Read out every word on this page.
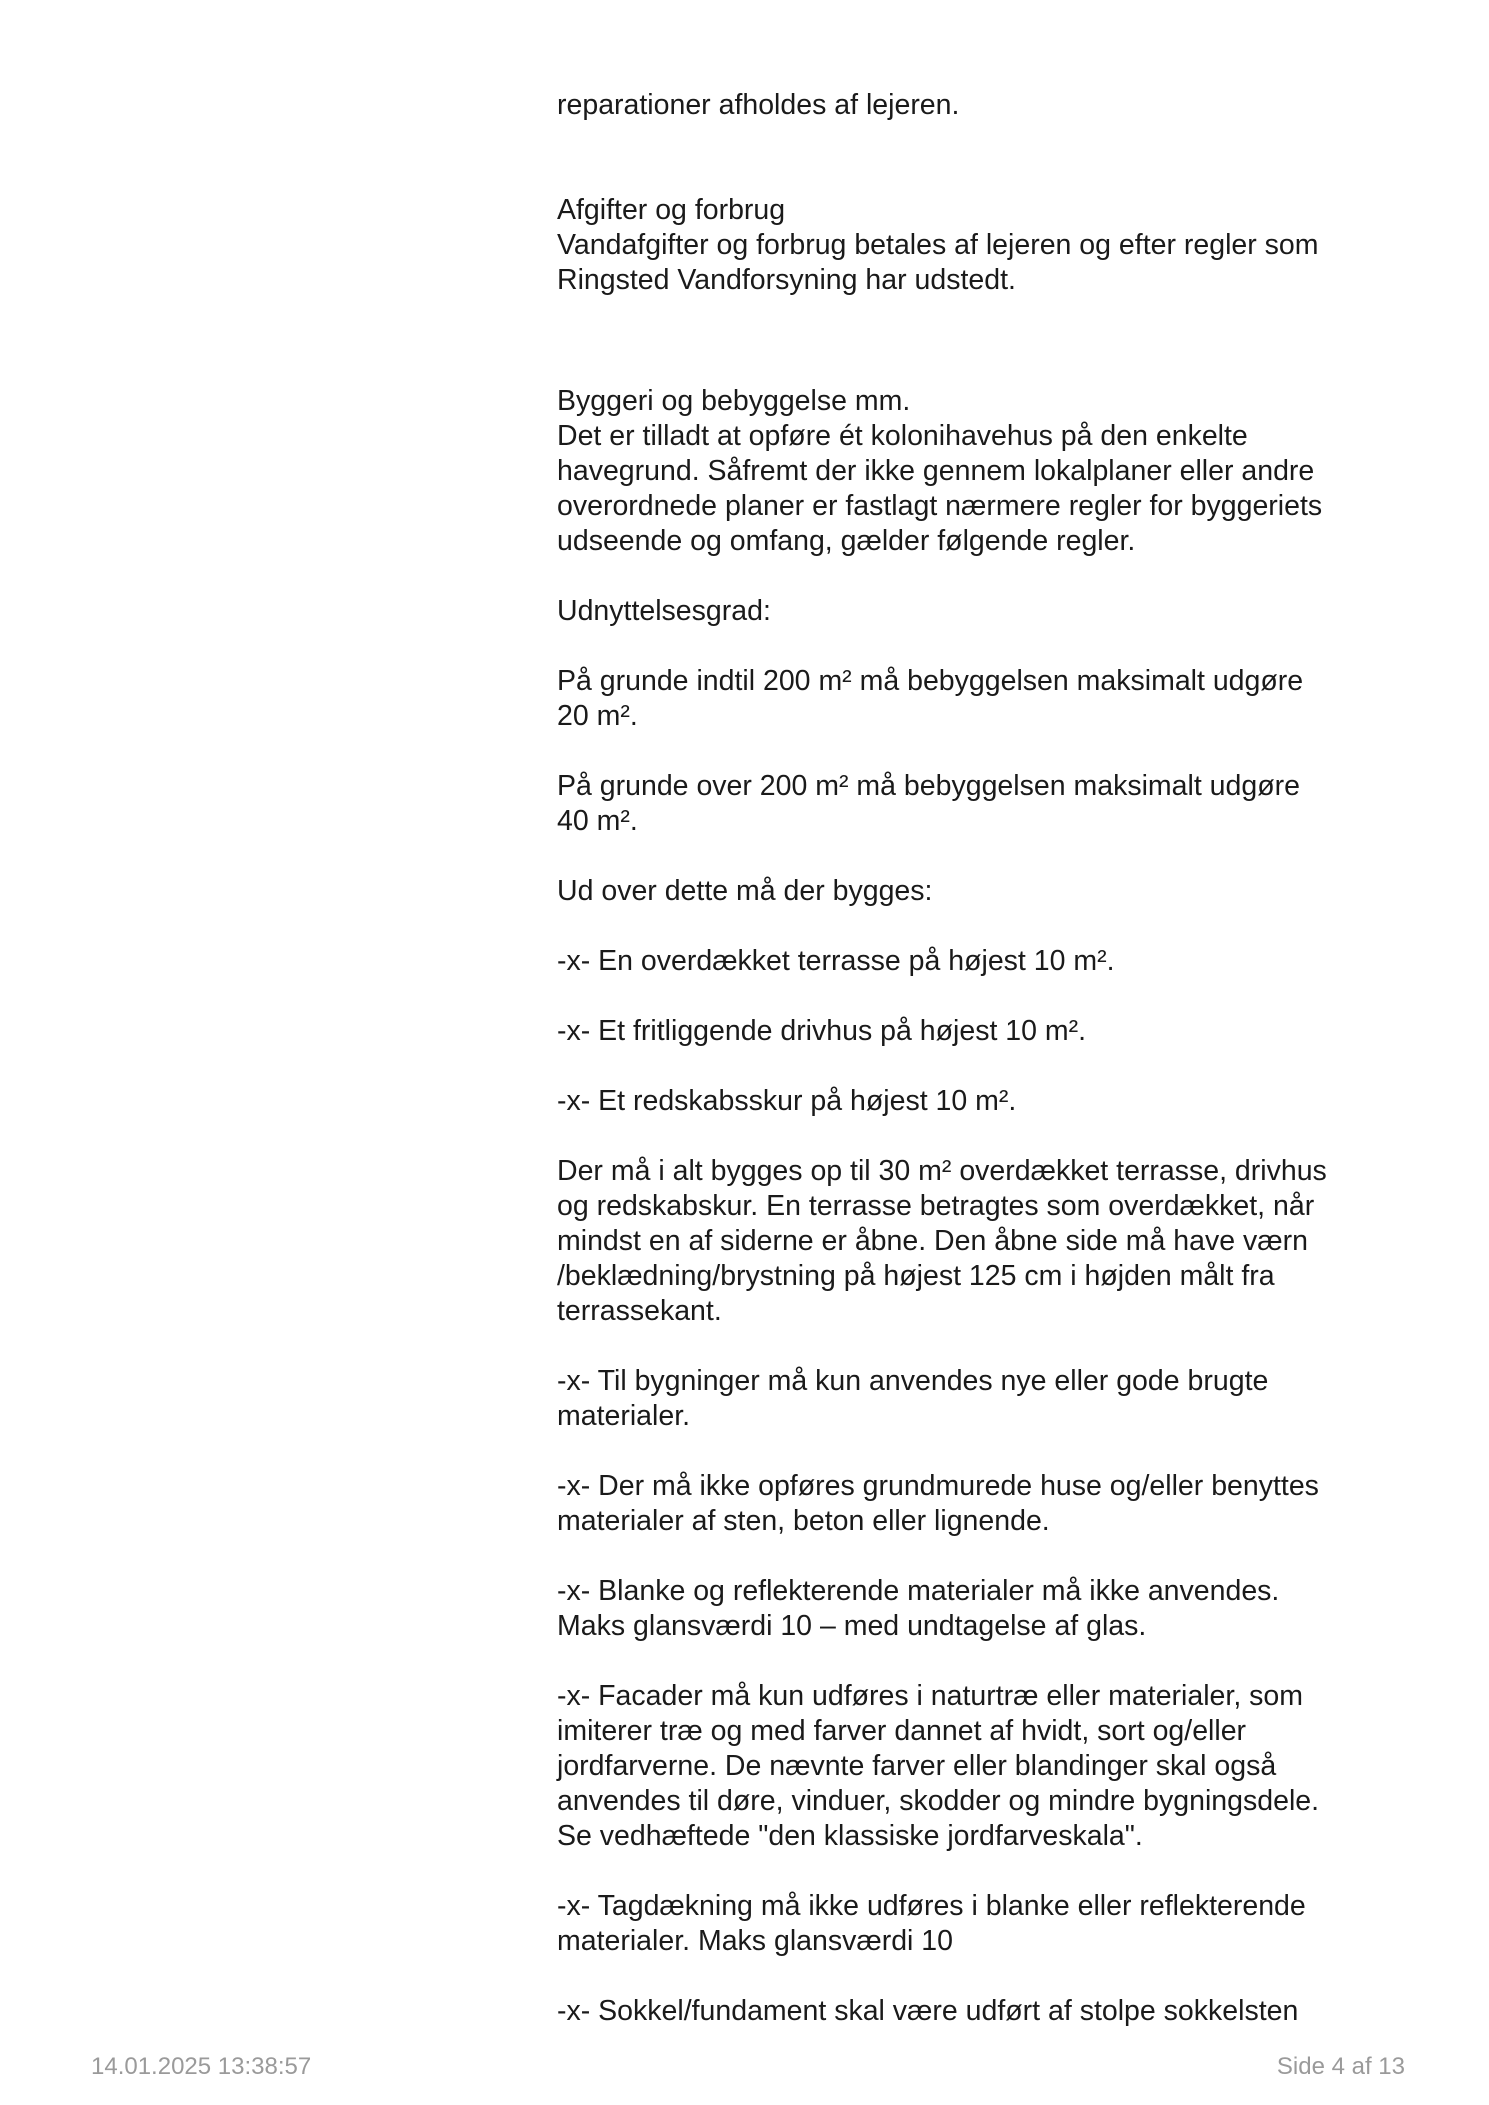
reparationer afholdes af lejeren.

Afgifter og forbrug
Vandafgifter og forbrug betales af lejeren og efter regler som
Ringsted Vandforsyning har udstedt.

Byggeri og bebyggelse mm.
Det er tilladt at opføre ét kolonihavehus på den enkelte
havegrund. Såfremt der ikke gennem lokalplaner eller andre
overordnede planer er fastlagt nærmere regler for byggeriets
udseende og omfang, gælder følgende regler.

Udnyttelsesgrad:

På grunde indtil 200 m² må bebyggelsen maksimalt udgøre
20 m².

På grunde over 200 m² må bebyggelsen maksimalt udgøre
40 m².

Ud over dette må der bygges:

-x- En overdækket terrasse på højest 10 m².

-x- Et fritliggende drivhus på højest 10 m².

-x- Et redskabsskur på højest 10 m².

Der må i alt bygges op til 30 m² overdækket terrasse, drivhus
og redskabskur. En terrasse betragtes som overdækket, når
mindst en af siderne er åbne. Den åbne side må have værn
/beklædning/brystning på højest 125 cm i højden målt fra
terrassekant.

-x- Til bygninger må kun anvendes nye eller gode brugte
materialer.

-x- Der må ikke opføres grundmurede huse og/eller benyttes
materialer af sten, beton eller lignende.

-x- Blanke og reflekterende materialer må ikke anvendes.
Maks glansværdi 10 – med undtagelse af glas.

-x- Facader må kun udføres i naturtræ eller materialer, som
imiterer træ og med farver dannet af hvidt, sort og/eller
jordfarverne. De nævnte farver eller blandinger skal også
anvendes til døre, vinduer, skodder og mindre bygningsdele.
Se vedhæftede "den klassiske jordfarveskala".

-x- Tagdækning må ikke udføres i blanke eller reflekterende
materialer. Maks glansværdi 10

-x- Sokkel/fundament skal være udført af stolpe sokkelsten

14.01.2025 13:38:57	Side 4 af 13
